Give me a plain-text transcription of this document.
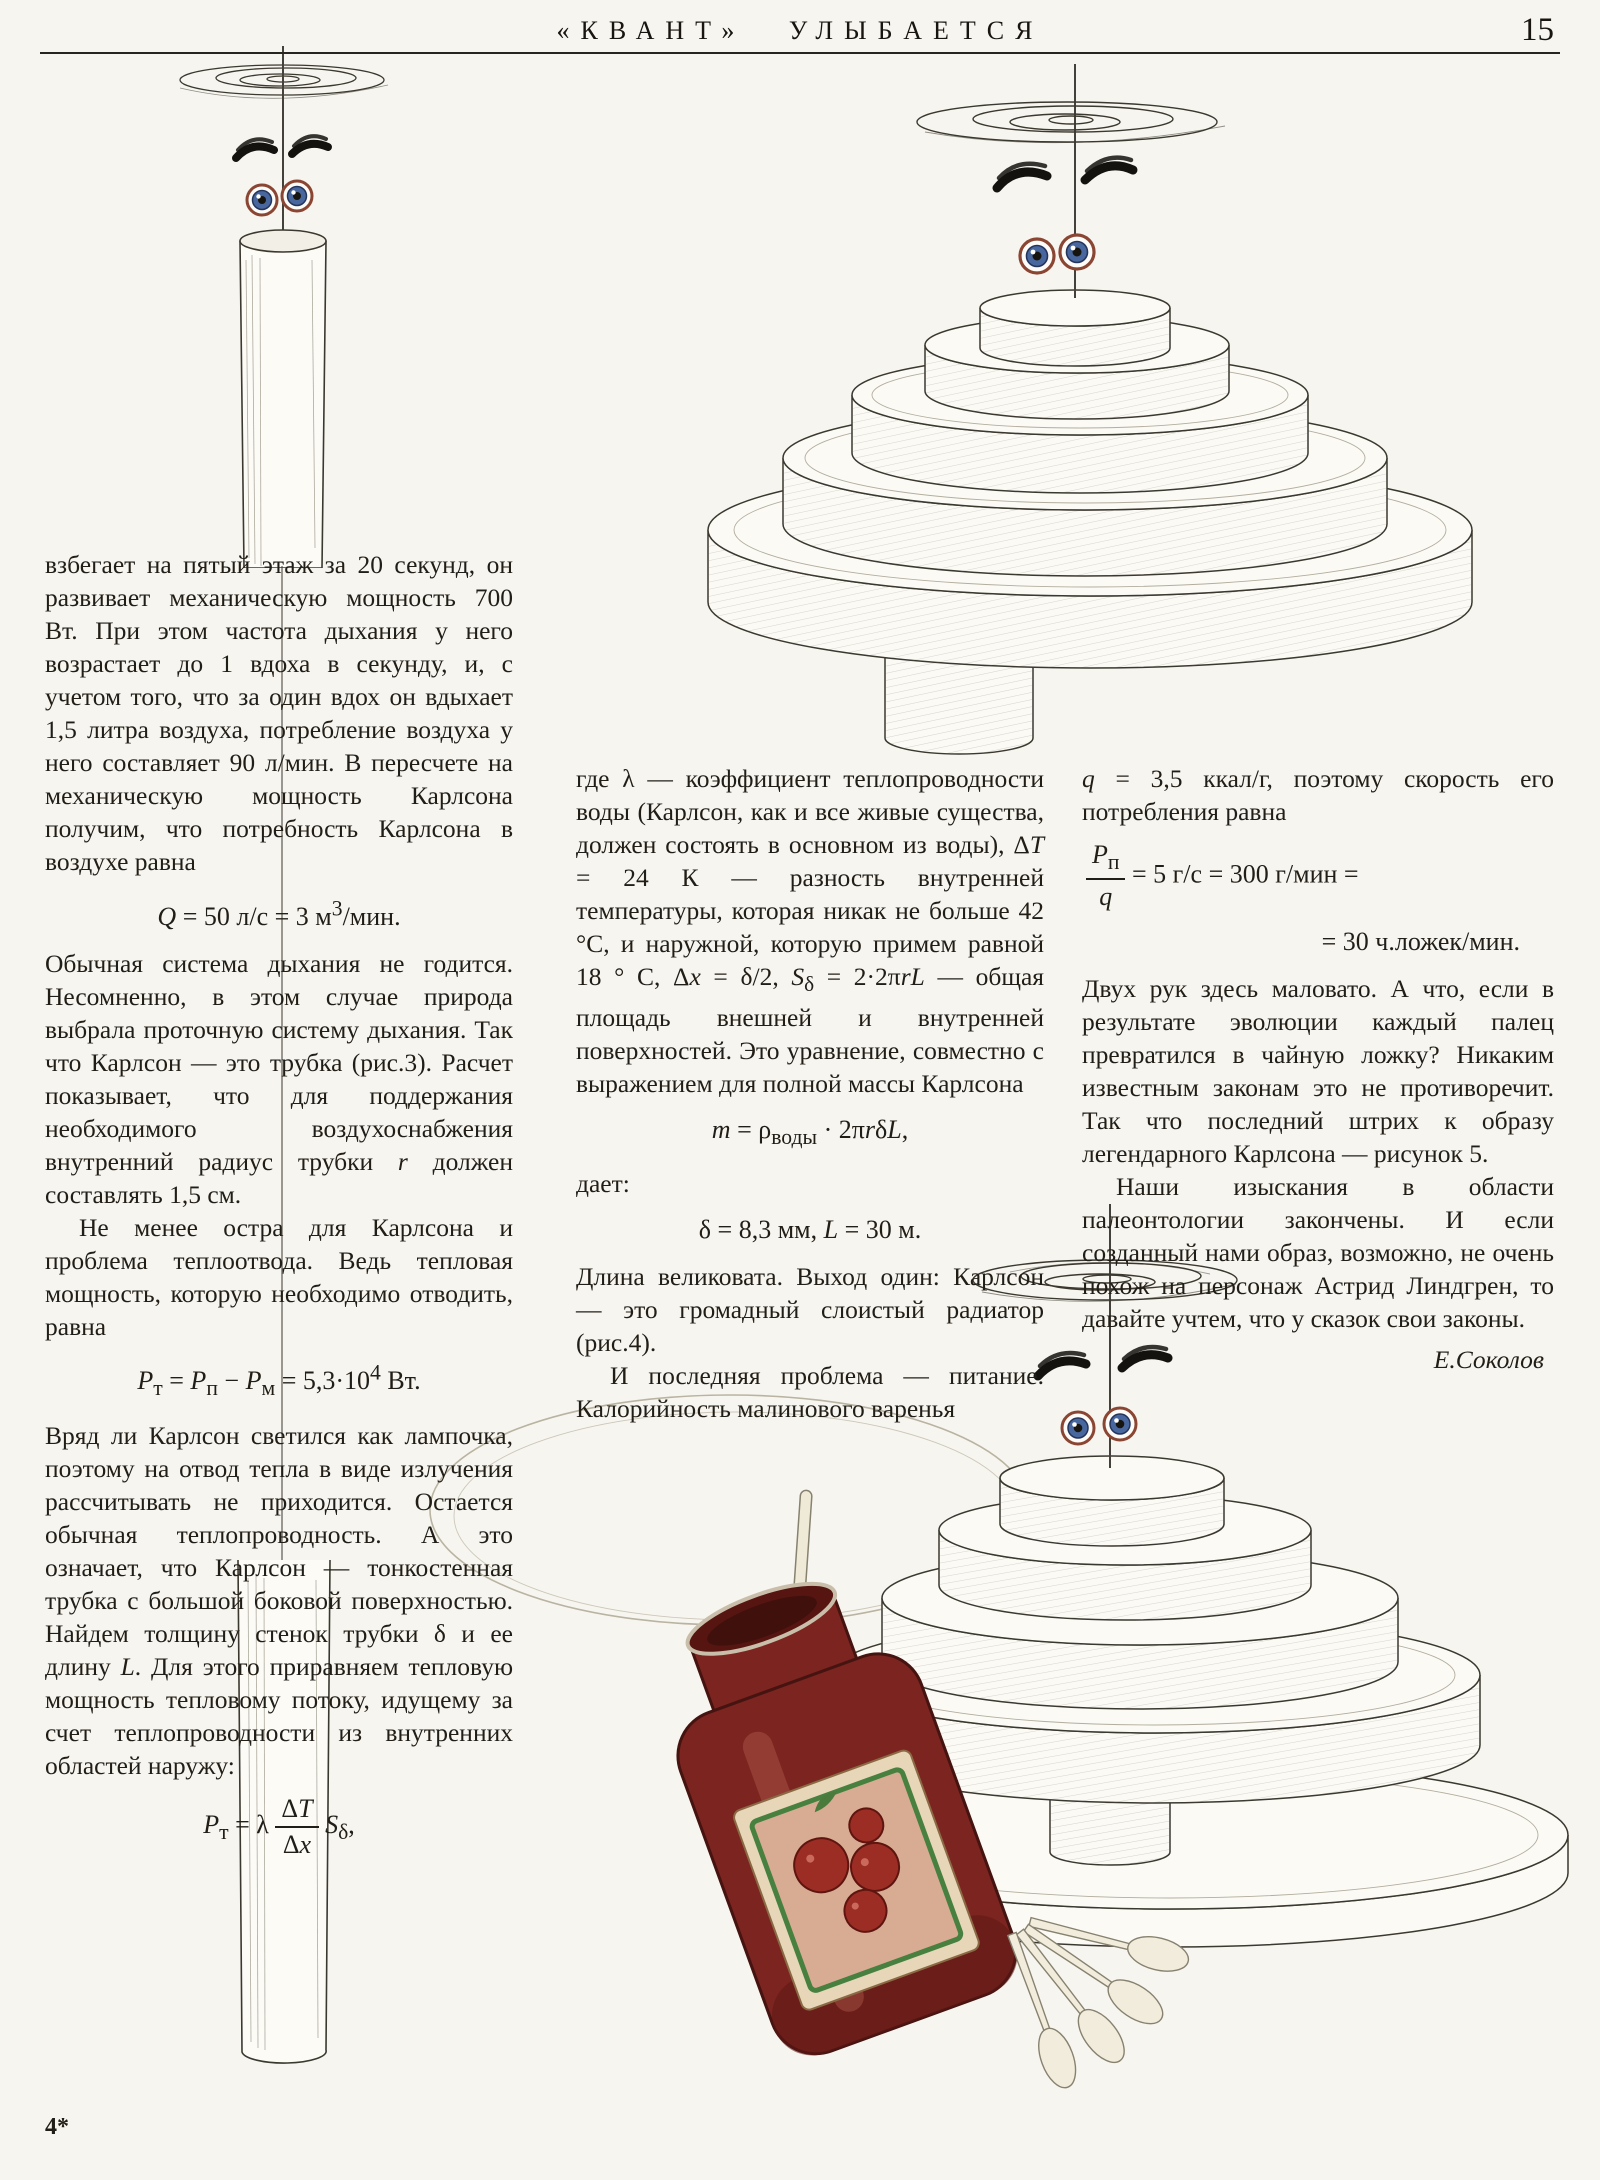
«КВАНТ» УЛЫБАЕТСЯ	15

взбегает на пятый этаж за 20 секунд, он развивает механическую мощность 700 Вт. При этом частота дыхания у него возрастает до 1 вдоха в секунду, и, с учетом того, что за один вдох он вдыхает 1,5 литра воздуха, потребление воздуха у него составляет 90 л/мин. В пересчете на механическую мощность Карлсона получим, что потребность Карлсона в воздухе равна

Q = 50 л/с = 3 $м^3$/мин.

Обычная система дыхания не годится. Несомненно, в этом случае природа выбрала проточную систему дыхания. Так что Карлсон — это трубка (рис.3). Расчет показывает, что для поддержания необходимого воздухоснабжения внутренний радиус трубки r должен составлять 1,5 см.

Не менее остра для Карлсона и проблема теплоотвода. Ведь тепловая мощность, которую необходимо отводить, равна

$P_т = P_п - P_м = 5,3\cdot 10^4$ Вт.

Вряд ли Карлсон светился как лампочка, поэтому на отвод тепла в виде излучения рассчитывать не приходится. Остается обычная теплопроводность. А это означает, что Карлсон — тонкостенная трубка с большой боковой поверхностью. Найдем толщину стенок трубки δ и ее длину L. Для этого приравняем тепловую мощность тепловому потоку, идущему за счет теплопроводности из внутренних областей наружу:

$P_т = \lambda \frac{\Delta T}{\Delta x} S_\delta$,

где λ — коэффициент теплопроводности воды (Карлсон, как и все живые существа, должен состоять в основном из воды), ΔT = 24 К — разность внутренней температуры, которая никак не больше 42 °С, и наружной, которую примем равной 18 ° С, Δx = δ/2, $S_\delta = 2\cdot 2\pi rL$ — общая площадь внешней и внутренней поверхностей. Это уравнение, совместно с выражением для полной массы Карлсона

$m = \rho_{воды} \cdot 2\pi r\delta L$,

дает:

δ = 8,3 мм, L = 30 м.

Длина великовата. Выход один: Карлсон — это громадный слоистый радиатор (рис.4).

И последняя проблема — питание. Калорийность малинового варенья

q = 3,5 ккал/г, поэтому скорость его потребления равна

$\frac{P_п}{q} = 5$ г/с = 300 г/мин =
= 30 ч.ложек/мин.

Двух рук здесь маловато. А что, если в результате эволюции каждый палец превратился в чайную ложку? Никаким известным законам это не противоречит. Так что последний штрих к образу легендарного Карлсона — рисунок 5.

Наши изыскания в области палеонтологии закончены. И если созданный нами образ, возможно, не очень похож на персонаж Астрид Линдгрен, то давайте учтем, что у сказок свои законы.

Е.Соколов
4*
